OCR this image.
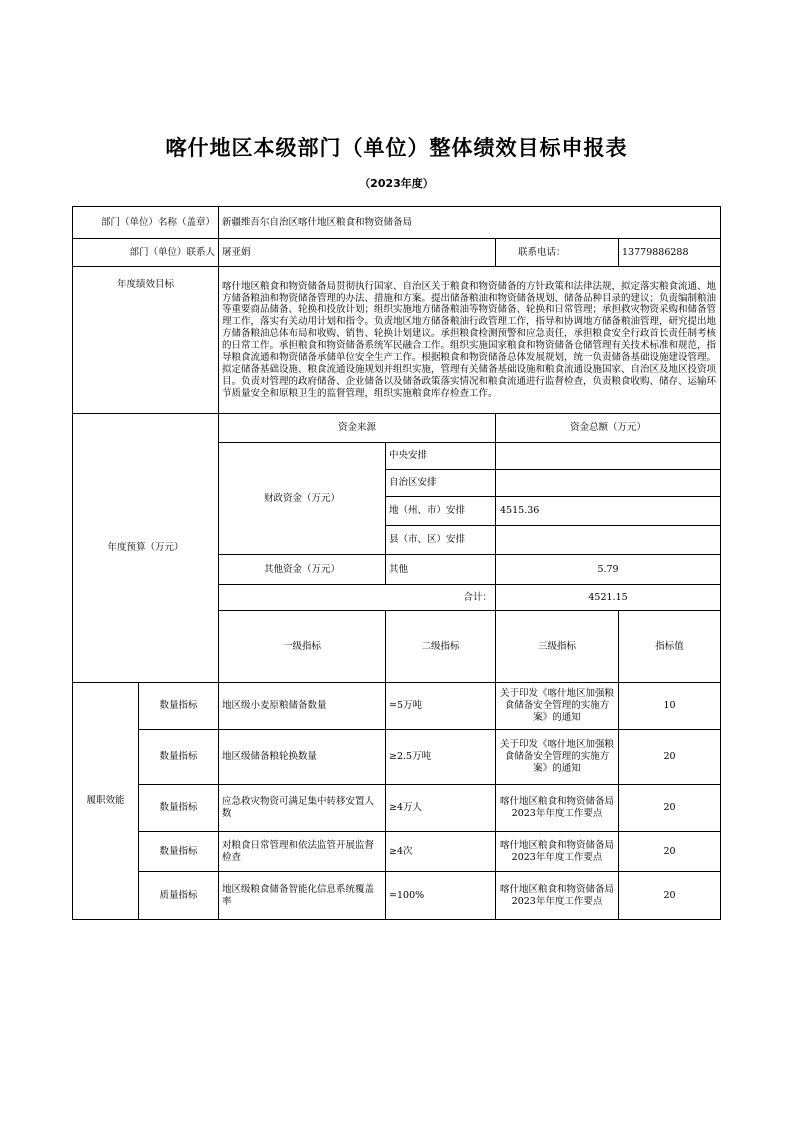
喀什地区本级部门（单位）整体绩效目标申报表
（2023年度）
部门（单位）名称（盖章）		新疆维吾尔自治区喀什地区粮食和物资储备局				
部门（单位）联系人		屠亚娟		联系电话：	13779886288	
年度绩效目标		喀什地区粮食和物资储备局贯彻执行国家、自治区关于粮食和物资储备的方针政策和法律法规，拟定落实粮食流通、地方储备粮油和物资储备管理的办法、措施和方案。提出储备粮油和物资储备规划、储备品种目录的建议；负责编制粮油等重要商品储备、轮换和投放计划；组织实施地方储备粮油等物资储备、轮换和日常管理；承担救灾物资采购和储备管理工作，落实有关动用计划和指令。负责地区地方储备粮油行政管理工作，指导和协调地方储备粮油管理，研究提出地方储备粮油总体布局和收购、销售、轮换计划建议。承担粮食检测预警和应急责任，承担粮食安全行政首长责任制考核的日常工作。承担粮食和物资储备系统军民融合工作。组织实施国家粮食和物资储备仓储管理有关技术标准和规范，指导粮食流通和物资储备承储单位安全生产工作。根据粮食和物资储备总体发展规划，统一负责储备基础设施建设管理。拟定储备基础设施、粮食流通设施规划并组织实施，管理有关储备基础设施和粮食流通设施国家、自治区及地区投资项目。负责对管理的政府储备、企业储备以及储备政策落实情况和粮食流通进行监督检查，负责粮食收购、储存、运输环节质量安全和原粮卫生的监督管理，组织实施粮食库存检查工作。				
年度预算（万元）		资金来源		资金总额（万元）		
		财政资金（万元）	中央安排			
			自治区安排			
			地（州、市）安排	4515.36		
			县（市、区）安排			
		其他资金（万元）	其他	5.79		
		合计：		4521.15		
		一级指标	二级指标	三级指标	指标值		
履职效能	数量指标	地区级小麦原粮储备数量	=5万吨	关于印发《喀什地区加强粮食储备安全管理的实施方案》的通知	10	
	数量指标	地区级储备粮轮换数量	≥2.5万吨	关于印发《喀什地区加强粮食储备安全管理的实施方案》的通知	20	
	数量指标	应急救灾物资可满足集中转移安置人数	≥4万人	喀什地区粮食和物资储备局2023年年度工作要点	20	
	数量指标	对粮食日常管理和依法监管开展监督检查	≥4次	喀什地区粮食和物资储备局2023年年度工作要点	20	
	质量指标	地区级粮食储备智能化信息系统覆盖率	=100%	喀什地区粮食和物资储备局2023年年度工作要点	20	
